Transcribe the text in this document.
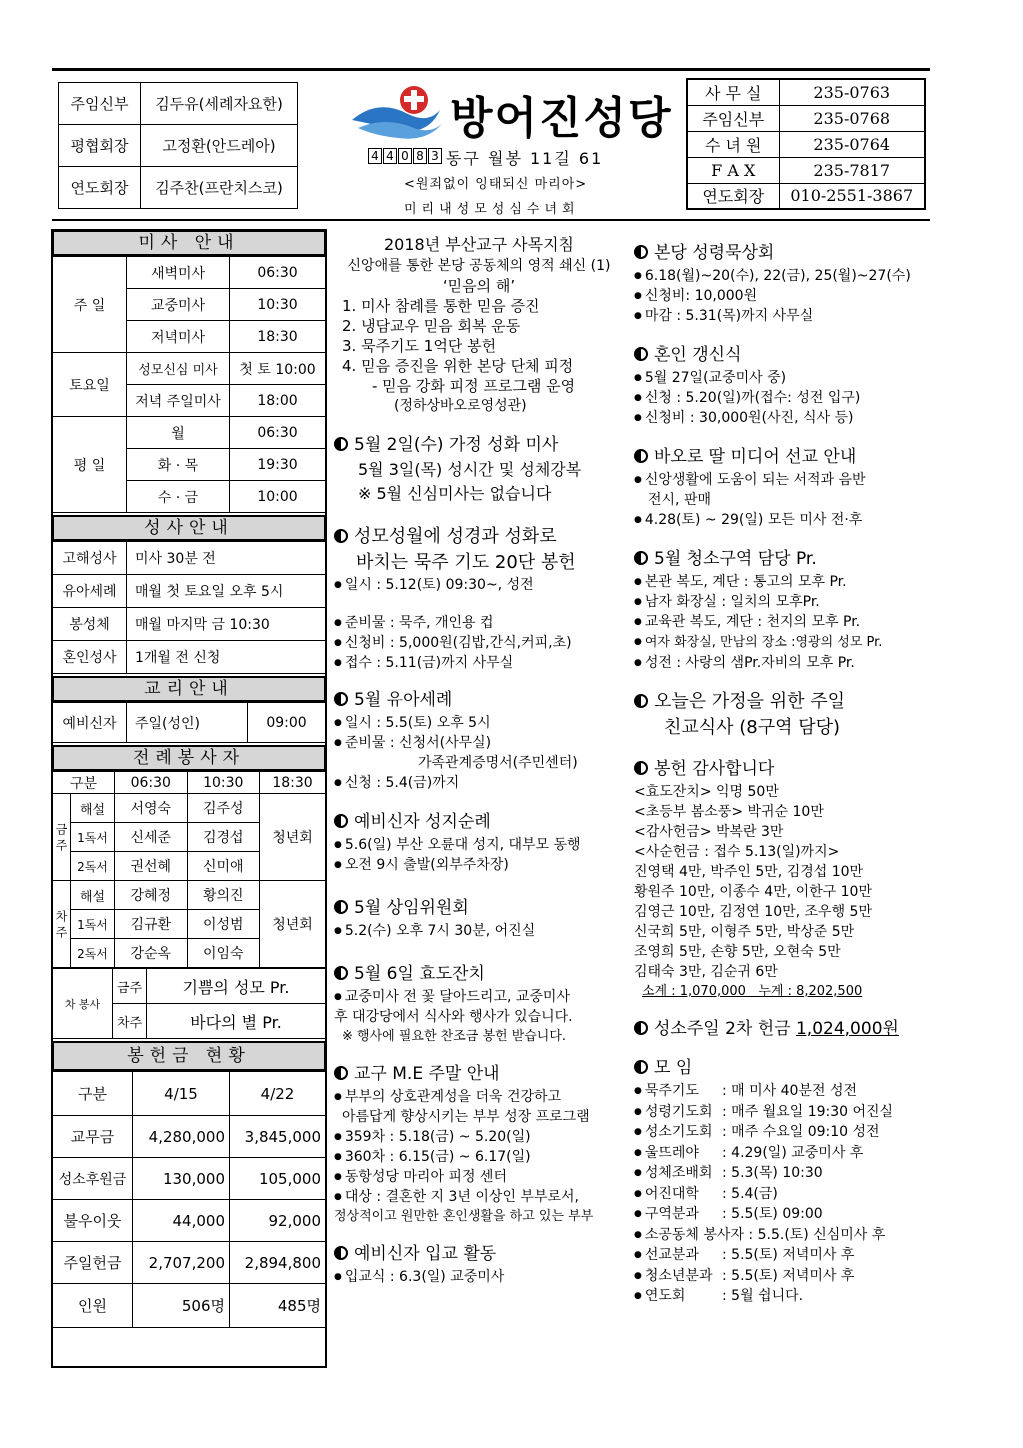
주임신부	김두유(세례자요한)
평협회장	고정환(안드레아)
연도회장	김주찬(프란치스코)
방어진성당
4 4 0 8 3 동구 월봉 11길 61
<원죄없이 잉태되신 마리아>
미리내성모성심수녀회
사 무 실	235-0763
주임신부	235-0768
수 녀 원	235-0764
F A X	235-7817
연도회장	010-2551-3867
미사 안내
주 일	새벽미사	06:30
	교중미사	10:30
	저녁미사	18:30
토요일	성모신심 미사	첫 토 10:00
	저녁 주일미사	18:00
평 일	월	06:30
	화 · 목	19:30
	수 · 금	10:00
성사안내
고해성사	미사 30분 전
유아세례	매월 첫 토요일 오후 5시
봉성체	매월 마지막 금 10:30
혼인성사	1개월 전 신청
교리안내
예비신자	주일(성인)	09:00
전례봉사자
구분		06:30	10:30	18:30
금 주	해설	서영숙	김주성	청년회
	1독서	신세준	김경섭	
	2독서	권선혜	신미애	
차 주	해설	강혜정	황의진	청년회
	1독서	김규환	이성범	
	2독서	강순옥	이임숙	
차 봉사	금주	기쁨의 성모 Pr.
	차주	바다의 별 Pr.
봉헌금 현황
구분	4/15	4/22
교무금	4,280,000	3,845,000
성소후원금	130,000	105,000
불우이웃	44,000	92,000
주일헌금	2,707,200	2,894,800
인원	506명	485명

2018년 부산교구 사목지침

신앙애를 통한 본당 공동체의 영적 쇄신 (1)

‘믿음의 해’

1. 미사 참례를 통한 믿음 증진

2. 냉담교우 믿음 회복 운동

3. 묵주기도 1억단 봉헌

4. 믿음 증진을 위한 본당 단체 피정

- 믿음 강화 피정 프로그램 운영

(정하상바오로영성관)

5월 2일(수) 가정 성화 미사

5월 3일(목) 성시간 및 성체강복

※ 5월 신심미사는 없습니다

성모성월에 성경과 성화로

바치는 묵주 기도 20단 봉헌

● 일시 : 5.12(토) 09:30~, 성전

● 준비물 : 묵주, 개인용 컵

● 신청비 : 5,000원(김밥,간식,커피,초)

● 접수 : 5.11(금)까지 사무실

5월 유아세례

● 일시 : 5.5(토) 오후 5시

● 준비물 : 신청서(사무실)

가족관계증명서(주민센터)

● 신청 : 5.4(금)까지

예비신자 성지순례

● 5.6(일) 부산 오륜대 성지, 대부모 동행

● 오전 9시 출발(외부주차장)

5월 상임위원회

● 5.2(수) 오후 7시 30분, 어진실

5월 6일 효도잔치

● 교중미사 전 꽃 달아드리고, 교중미사

후 대강당에서 식사와 행사가 있습니다.

※ 행사에 필요한 찬조금 봉헌 받습니다.

교구 M.E 주말 안내

● 부부의 상호관계성을 더욱 건강하고

아름답게 향상시키는 부부 성장 프로그램

● 359차 : 5.18(금) ~ 5.20(일)

● 360차 : 6.15(금) ~ 6.17(일)

● 동항성당 마리아 피정 센터

● 대상 : 결혼한 지 3년 이상인 부부로서,

정상적이고 원만한 혼인생활을 하고 있는 부부

예비신자 입교 활동

● 입교식 : 6.3(일) 교중미사

본당 성령묵상회

● 6.18(월)~20(수), 22(금), 25(월)~27(수)

● 신청비: 10,000원

● 마감 : 5.31(목)까지 사무실

혼인 갱신식

● 5월 27일(교중미사 중)

● 신청 : 5.20(일)까(접수: 성전 입구)

● 신청비 : 30,000원(사진, 식사 등)

바오로 딸 미디어 선교 안내

● 신앙생활에 도움이 되는 서적과 음반

전시, 판매

● 4.28(토) ~ 29(일) 모든 미사 전·후

5월 청소구역 담당 Pr.

● 본관 복도, 계단 : 통고의 모후 Pr.

● 남자 화장실 : 일치의 모후Pr.

● 교육관 복도, 계단 : 천지의 모후 Pr.

● 여자 화장실, 만남의 장소 :영광의 성모 Pr.

● 성전 : 사랑의 샘Pr.자비의 모후 Pr.

오늘은 가정을 위한 주일

친교식사 (8구역 담당)

봉헌 감사합니다

<효도잔치> 익명 50만

<초등부 봄소풍> 박귀순 10만

<감사헌금> 박복란 3만

<사순헌금 : 접수 5.13(일)까지>

진영택 4만, 박주인 5만, 김경섭 10만

황원주 10만, 이종수 4만, 이한구 10만

김영근 10만, 김정연 10만, 조우행 5만

신국희 5만, 이형주 5만, 박상준 5만

조영희 5만, 손향 5만, 오현숙 5만

김태숙 3만, 김순귀 6만

소계 : 1,070,000   누계 : 8,202,500

성소주일 2차 헌금 1,024,000원
모 임
● 묵주기도 : 매 미사 40분전 성전
● 성령기도회 : 매주 월요일 19:30 어진실
● 성소기도회 : 매주 수요일 09:10 성전
● 울뜨레야 : 4.29(일) 교중미사 후
● 성체조배회 : 5.3(목) 10:30
● 어진대학 : 5.4(금)
● 구역분과 : 5.5(토) 09:00
● 소공동체 봉사자 : 5.5.(토) 신심미사 후
● 선교분과 : 5.5(토) 저녁미사 후
● 청소년분과 : 5.5(토) 저녁미사 후
● 연도회	: 5월 쉽니다.
